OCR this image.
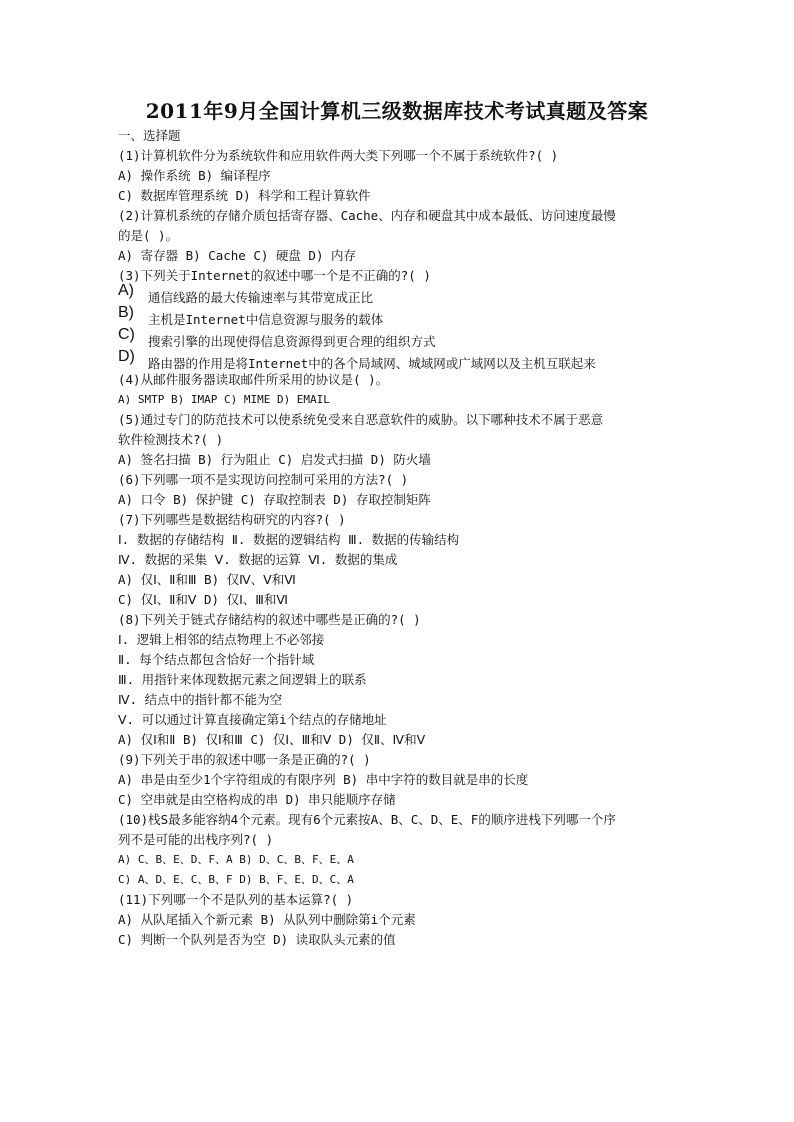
2011年9月全国计算机三级数据库技术考试真题及答案
一、选择题
(1)计算机软件分为系统软件和应用软件两大类下列哪一个不属于系统软件?( )
A) 操作系统 B) 编译程序
C) 数据库管理系统 D) 科学和工程计算软件
(2)计算机系统的存储介质包括寄存器、Cache、内存和硬盘其中成本最低、访问速度最慢
的是( )。
A) 寄存器 B) Cache C) 硬盘 D) 内存
(3)下列关于Internet的叙述中哪一个是不正确的?( )
A) 通信线路的最大传输速率与其带宽成正比
B) 主机是Internet中信息资源与服务的载体
C) 搜索引擎的出现使得信息资源得到更合理的组织方式
D) 路由器的作用是将Internet中的各个局域网、城域网或广域网以及主机互联起来
(4)从邮件服务器读取邮件所采用的协议是( )。
A) SMTP B) IMAP C) MIME D) EMAIL
(5)通过专门的防范技术可以使系统免受来自恶意软件的威胁。以下哪种技术不属于恶意
软件检测技术?( )
A) 签名扫描 B) 行为阻止 C) 启发式扫描 D) 防火墙
(6)下列哪一项不是实现访问控制可采用的方法?( )
A) 口令 B) 保护键 C) 存取控制表 D) 存取控制矩阵
(7)下列哪些是数据结构研究的内容?( )
Ⅰ. 数据的存储结构 Ⅱ. 数据的逻辑结构 Ⅲ. 数据的传输结构
Ⅳ. 数据的采集 Ⅴ. 数据的运算 Ⅵ. 数据的集成
A) 仅Ⅰ、Ⅱ和Ⅲ B) 仅Ⅳ、Ⅴ和Ⅵ
C) 仅Ⅰ、Ⅱ和Ⅴ D) 仅Ⅰ、Ⅲ和Ⅵ
(8)下列关于链式存储结构的叙述中哪些是正确的?( )
Ⅰ. 逻辑上相邻的结点物理上不必邻接
Ⅱ. 每个结点都包含恰好一个指针域
Ⅲ. 用指针来体现数据元素之间逻辑上的联系
Ⅳ. 结点中的指针都不能为空
Ⅴ. 可以通过计算直接确定第i个结点的存储地址
A) 仅Ⅰ和Ⅱ B) 仅Ⅰ和Ⅲ C) 仅Ⅰ、Ⅲ和Ⅴ D) 仅Ⅱ、Ⅳ和Ⅴ
(9)下列关于串的叙述中哪一条是正确的?( )
A) 串是由至少1个字符组成的有限序列 B) 串中字符的数目就是串的长度
C) 空串就是由空格构成的串 D) 串只能顺序存储
(10)栈S最多能容纳4个元素。现有6个元素按A、B、C、D、E、F的顺序进栈下列哪一个序
列不是可能的出栈序列?( )
A) C、B、E、D、F、A B) D、C、B、F、E、A
C) A、D、E、C、B、F D) B、F、E、D、C、A
(11)下列哪一个不是队列的基本运算?( )
A) 从队尾插入个新元素 B) 从队列中删除第i个元素
C) 判断一个队列是否为空 D) 读取队头元素的值
